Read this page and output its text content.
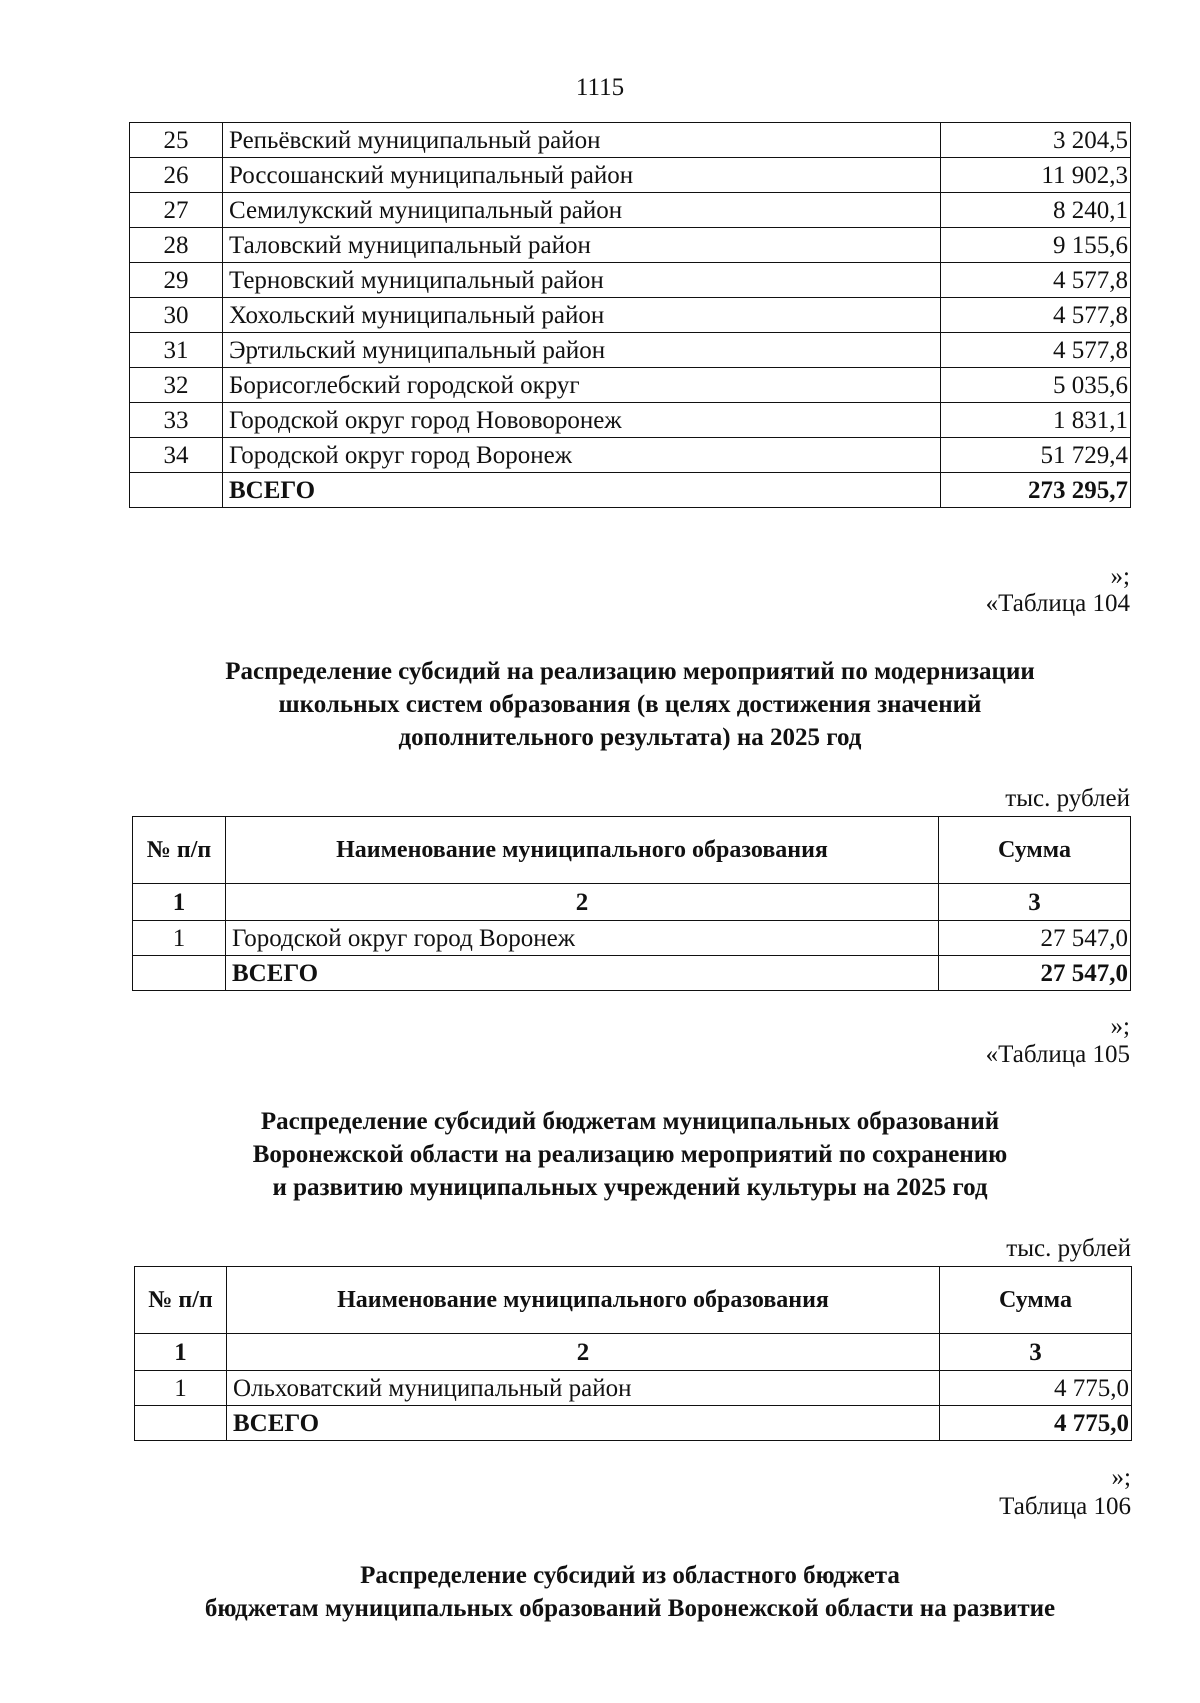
1115
25	Репьёвский муниципальный район	3 204,5
26	Россошанский муниципальный район	11 902,3
27	Семилукский муниципальный район	8 240,1
28	Таловский муниципальный район	9 155,6
29	Терновский муниципальный район	4 577,8
30	Хохольский муниципальный район	4 577,8
31	Эртильский муниципальный район	4 577,8
32	Борисоглебский городской округ	5 035,6
33	Городской округ город Нововоронеж	1 831,1
34	Городской округ город Воронеж	51 729,4
	ВСЕГО	273 295,7
»;
«Таблица 104
Распределение субсидий на реализацию мероприятий по модернизации
школьных систем образования (в целях достижения значений
дополнительного результата) на 2025 год
тыс. рублей
№ п/п	Наименование муниципального образования	Сумма
1	2	3
1	Городской округ город Воронеж	27 547,0
	ВСЕГО	27 547,0
»;
«Таблица 105
Распределение субсидий бюджетам муниципальных образований
Воронежской области на реализацию мероприятий по сохранению
и развитию муниципальных учреждений культуры на 2025 год
тыс. рублей
№ п/п	Наименование муниципального образования	Сумма
1	2	3
1	Ольховатский муниципальный район	4 775,0
	ВСЕГО	4 775,0
»;
Таблица 106
Распределение субсидий из областного бюджета
бюджетам муниципальных образований Воронежской области на развитие
